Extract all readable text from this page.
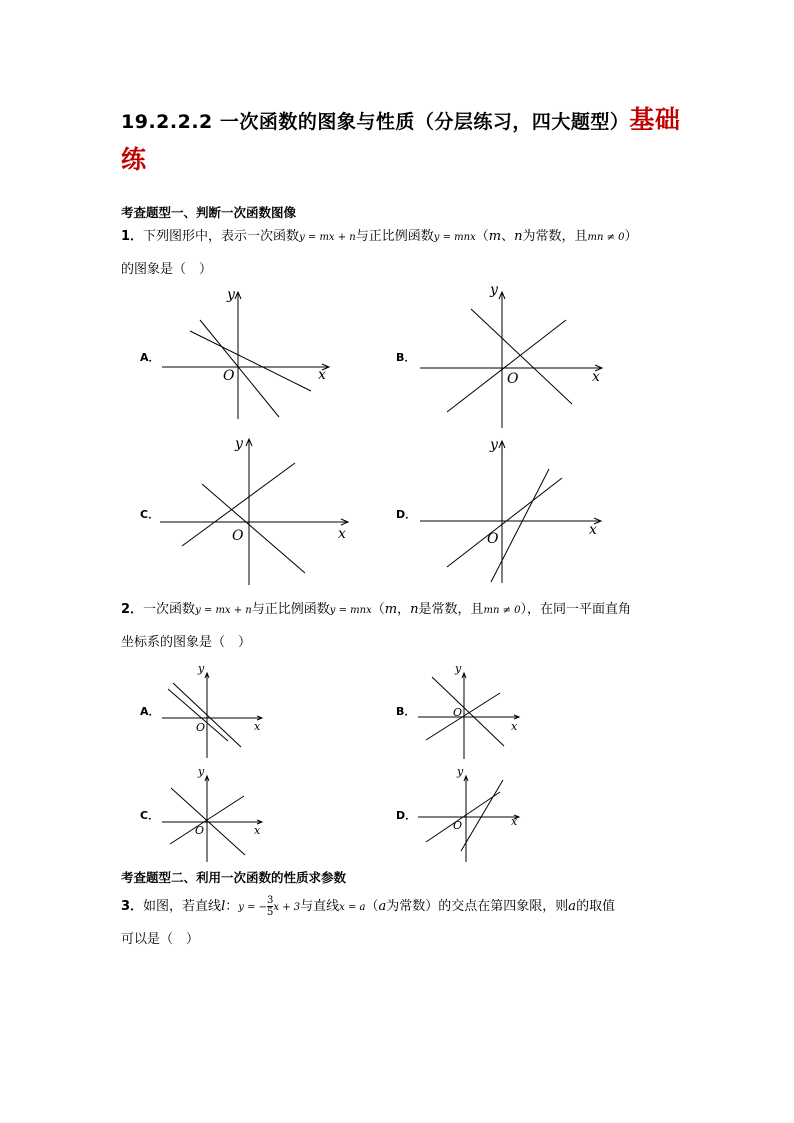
19.2.2.2 一次函数的图象与性质（分层练习，四大题型）基础
练
考查题型一、判断一次函数图像
1．下列图形中，表示一次函数y = mx + n与正比例函数y = mnx（m、n为常数，且mn ≠ 0）
的图象是（　）
A．	B．
C．	D．
y
x
O
y
x
O
y
x
O
y
x
O
2．一次函数y = mx + n与正比例函数y = mnx（m，n是常数，且mn ≠ 0），在同一平面直角
坐标系的图象是（　）
A．	B．
C．	D．
y
x
O
y
x
O
y
x
O
y
x
O
考查题型二、利用一次函数的性质求参数
3．如图，若直线l：y = − $\frac{3}{5}$ x + 3与直线x = a（a为常数）的交点在第四象限，则a的取值
可以是（　）
